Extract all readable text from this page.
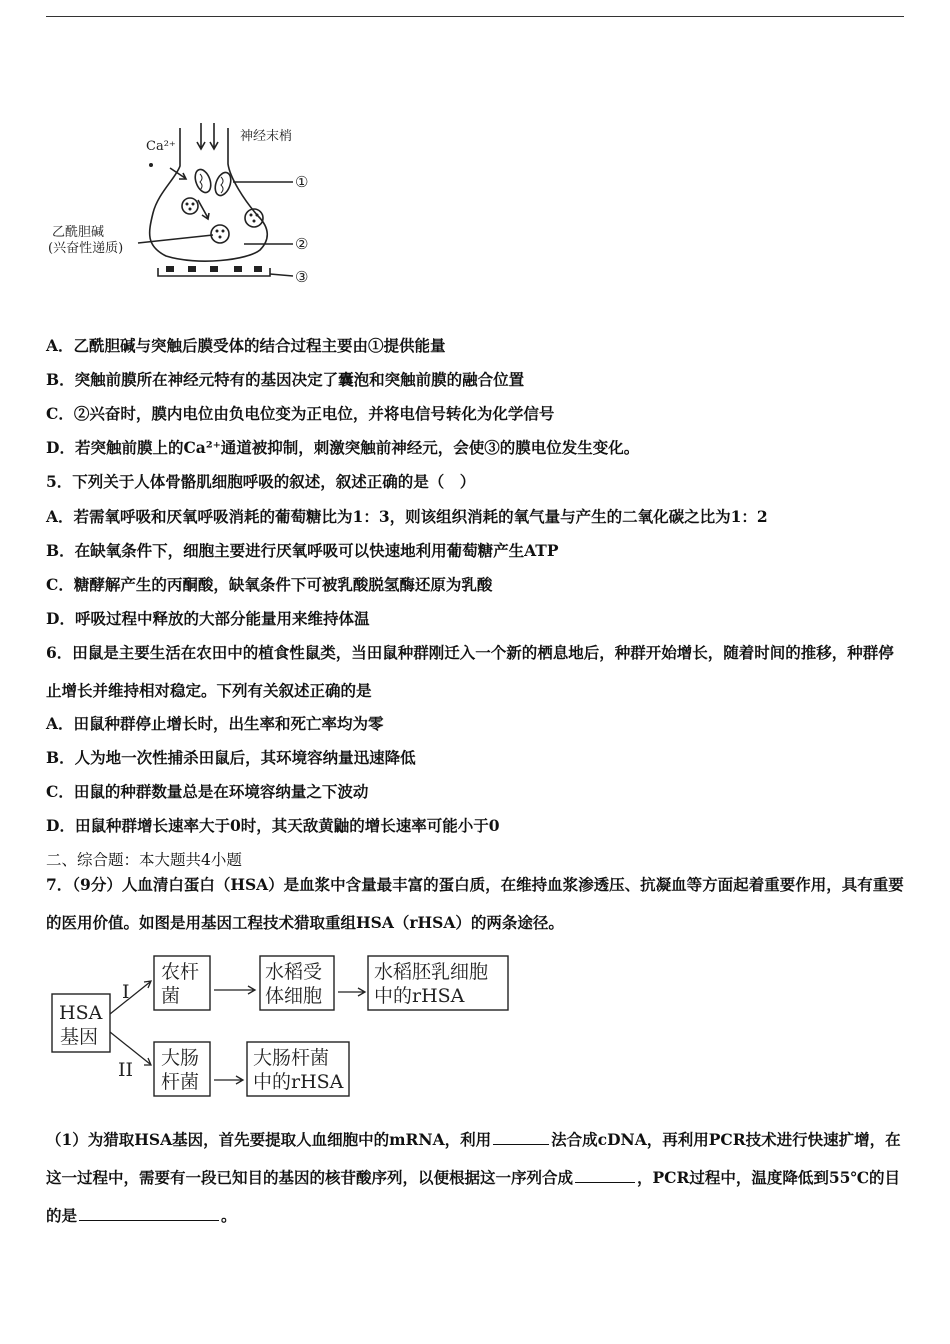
Ca²⁺
神经末梢
乙酰胆碱
(兴奋性递质)
①
②
③
A．乙酰胆碱与突触后膜受体的结合过程主要由①提供能量
B．突触前膜所在神经元特有的基因决定了囊泡和突触前膜的融合位置
C．②兴奋时，膜内电位由负电位变为正电位，并将电信号转化为化学信号
D．若突触前膜上的Ca²⁺通道被抑制，刺激突触前神经元，会使③的膜电位发生变化。
5．下列关于人体骨骼肌细胞呼吸的叙述，叙述正确的是（　）
A．若需氧呼吸和厌氧呼吸消耗的葡萄糖比为1：3，则该组织消耗的氧气量与产生的二氧化碳之比为1：2
B．在缺氧条件下，细胞主要进行厌氧呼吸可以快速地利用葡萄糖产生ATP
C．糖酵解产生的丙酮酸，缺氧条件下可被乳酸脱氢酶还原为乳酸
D．呼吸过程中释放的大部分能量用来维持体温
6．田鼠是主要生活在农田中的植食性鼠类，当田鼠种群刚迁入一个新的栖息地后，种群开始增长，随着时间的推移，种群停止增长并维持相对稳定。下列有关叙述正确的是
A．田鼠种群停止增长时，出生率和死亡率均为零
B．人为地一次性捕杀田鼠后，其环境容纳量迅速降低
C．田鼠的种群数量总是在环境容纳量之下波动
D．田鼠种群增长速率大于0时，其天敌黄鼬的增长速率可能小于0
二、综合题：本大题共4小题
7．（9分）人血清白蛋白（HSA）是血浆中含量最丰富的蛋白质，在维持血浆渗透压、抗凝血等方面起着重要作用，具有重要的医用价值。如图是用基因工程技术猎取重组HSA（rHSA）的两条途径。
HSA
基因
I
II
农杆
菌
水稻受
体细胞
水稻胚乳细胞
中的rHSA
大肠
杆菌
大肠杆菌
中的rHSA
（1）为猎取HSA基因，首先要提取人血细胞中的mRNA，利用	法合成cDNA，再利用PCR技术进行快速扩增，在这一过程中，需要有一段已知目的基因的核苷酸序列，以便根据这一序列合成	，PCR过程中，温度降低到55℃的目的是	。
